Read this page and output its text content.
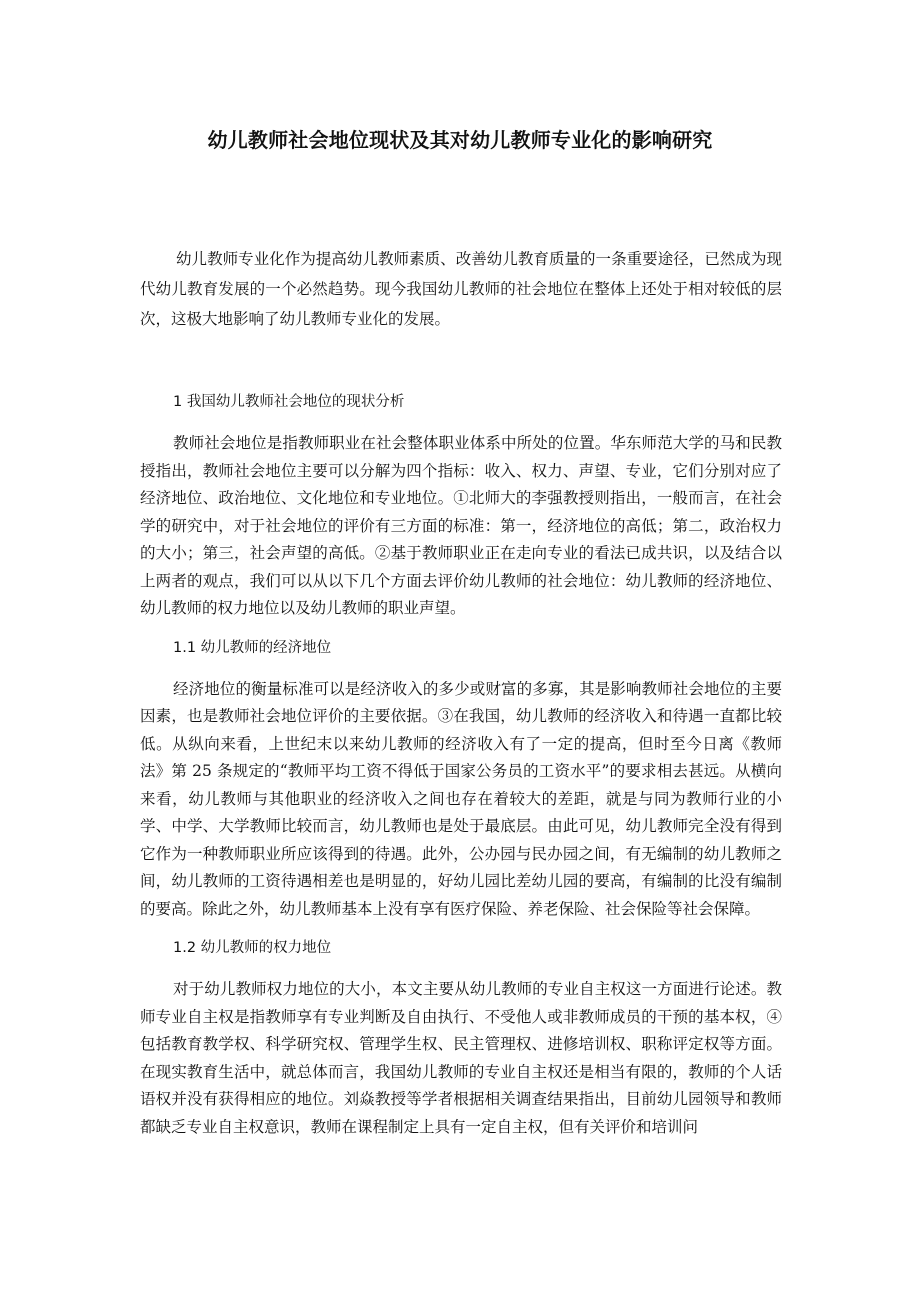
幼儿教师社会地位现状及其对幼儿教师专业化的影响研究

幼儿教师专业化作为提高幼儿教师素质、改善幼儿教育质量的一条重要途径，已然成为现代幼儿教育发展的一个必然趋势。现今我国幼儿教师的社会地位在整体上还处于相对较低的层次，这极大地影响了幼儿教师专业化的发展。

1 我国幼儿教师社会地位的现状分析

教师社会地位是指教师职业在社会整体职业体系中所处的位置。华东师范大学的马和民教授指出，教师社会地位主要可以分解为四个指标：收入、权力、声望、专业，它们分别对应了经济地位、政治地位、文化地位和专业地位。①北师大的李强教授则指出，一般而言，在社会学的研究中，对于社会地位的评价有三方面的标准：第一，经济地位的高低；第二，政治权力的大小；第三，社会声望的高低。②基于教师职业正在走向专业的看法已成共识，以及结合以上两者的观点，我们可以从以下几个方面去评价幼儿教师的社会地位：幼儿教师的经济地位、幼儿教师的权力地位以及幼儿教师的职业声望。

1.1 幼儿教师的经济地位

经济地位的衡量标准可以是经济收入的多少或财富的多寡，其是影响教师社会地位的主要因素，也是教师社会地位评价的主要依据。③在我国，幼儿教师的经济收入和待遇一直都比较低。从纵向来看，上世纪末以来幼儿教师的经济收入有了一定的提高，但时至今日离《教师法》第 25 条规定的“教师平均工资不得低于国家公务员的工资水平”的要求相去甚远。从横向来看，幼儿教师与其他职业的经济收入之间也存在着较大的差距，就是与同为教师行业的小学、中学、大学教师比较而言，幼儿教师也是处于最底层。由此可见，幼儿教师完全没有得到它作为一种教师职业所应该得到的待遇。此外，公办园与民办园之间，有无编制的幼儿教师之间，幼儿教师的工资待遇相差也是明显的，好幼儿园比差幼儿园的要高，有编制的比没有编制的要高。除此之外，幼儿教师基本上没有享有医疗保险、养老保险、社会保险等社会保障。

1.2 幼儿教师的权力地位

对于幼儿教师权力地位的大小，本文主要从幼儿教师的专业自主权这一方面进行论述。教师专业自主权是指教师享有专业判断及自由执行、不受他人或非教师成员的干预的基本权，④包括教育教学权、科学研究权、管理学生权、民主管理权、进修培训权、职称评定权等方面。在现实教育生活中，就总体而言，我国幼儿教师的专业自主权还是相当有限的，教师的个人话语权并没有获得相应的地位。刘焱教授等学者根据相关调查结果指出，目前幼儿园领导和教师都缺乏专业自主权意识，教师在课程制定上具有一定自主权，但有关评价和培训问
